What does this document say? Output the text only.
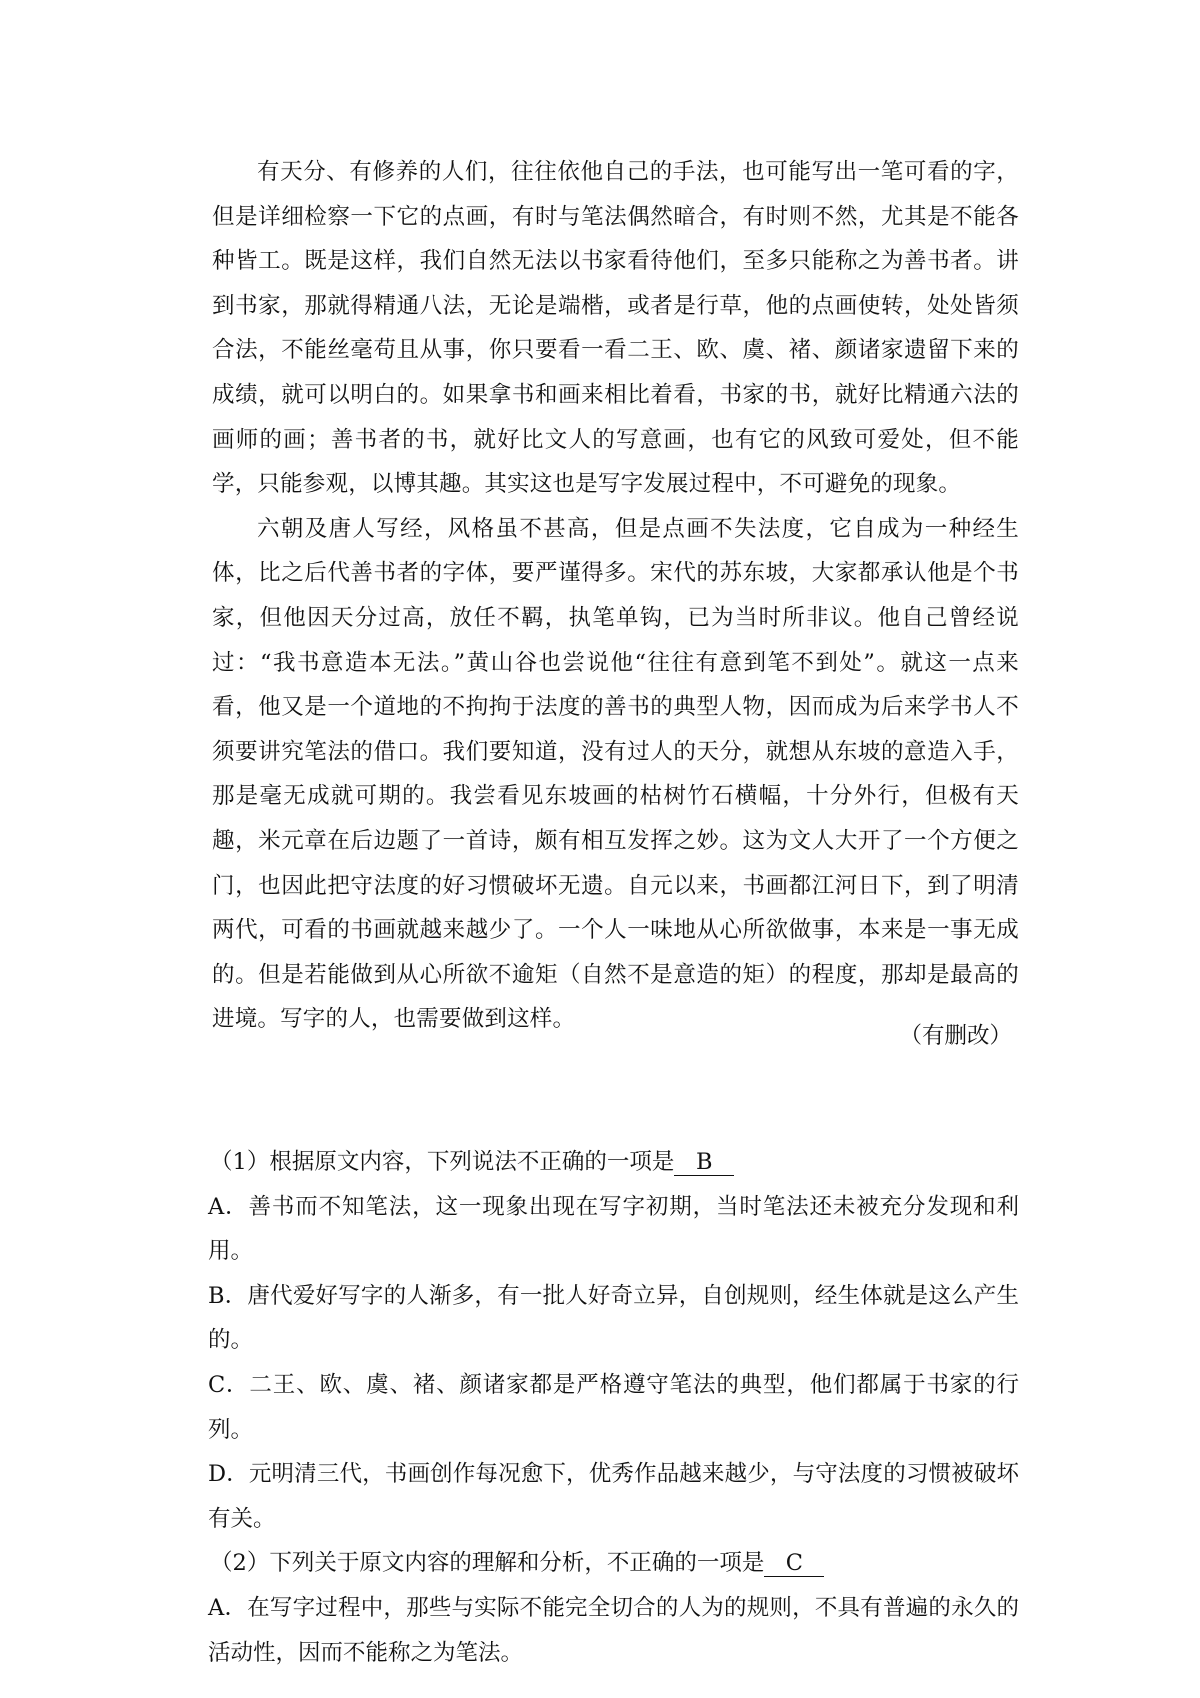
有天分、有修养的人们，往往依他自己的手法，也可能写出一笔可看的字，但是详细检察一下它的点画，有时与笔法偶然暗合，有时则不然，尤其是不能各种皆工。既是这样，我们自然无法以书家看待他们，至多只能称之为善书者。讲到书家，那就得精通八法，无论是端楷，或者是行草，他的点画使转，处处皆须合法，不能丝毫苟且从事，你只要看一看二王、欧、虞、褚、颜诸家遗留下来的成绩，就可以明白的。如果拿书和画来相比着看，书家的书，就好比精通六法的画师的画；善书者的书，就好比文人的写意画，也有它的风致可爱处，但不能学，只能参观，以博其趣。其实这也是写字发展过程中，不可避免的现象。

六朝及唐人写经，风格虽不甚高，但是点画不失法度，它自成为一种经生体，比之后代善书者的字体，要严谨得多。宋代的苏东坡，大家都承认他是个书家，但他因天分过高，放任不羁，执笔单钩，已为当时所非议。他自己曾经说过：“我书意造本无法。”黄山谷也尝说他“往往有意到笔不到处”。就这一点来看，他又是一个道地的不拘拘于法度的善书的典型人物，因而成为后来学书人不须要讲究笔法的借口。我们要知道，没有过人的天分，就想从东坡的意造入手，那是毫无成就可期的。我尝看见东坡画的枯树竹石横幅，十分外行，但极有天趣，米元章在后边题了一首诗，颇有相互发挥之妙。这为文人大开了一个方便之门，也因此把守法度的好习惯破坏无遗。自元以来，书画都江河日下，到了明清两代，可看的书画就越来越少了。一个人一味地从心所欲做事，本来是一事无成的。但是若能做到从心所欲不逾矩（自然不是意造的矩）的程度，那却是最高的进境。写字的人，也需要做到这样。

（有删改）

（1）根据原文内容，下列说法不正确的一项是 B

A．善书而不知笔法，这一现象出现在写字初期，当时笔法还未被充分发现和利用。

B．唐代爱好写字的人渐多，有一批人好奇立异，自创规则，经生体就是这么产生的。

C．二王、欧、虞、褚、颜诸家都是严格遵守笔法的典型，他们都属于书家的行列。

D．元明清三代，书画创作每况愈下，优秀作品越来越少，与守法度的习惯被破坏有关。

（2）下列关于原文内容的理解和分析，不正确的一项是 C

A．在写字过程中，那些与实际不能完全切合的人为的规则，不具有普遍的永久的活动性，因而不能称之为笔法。
